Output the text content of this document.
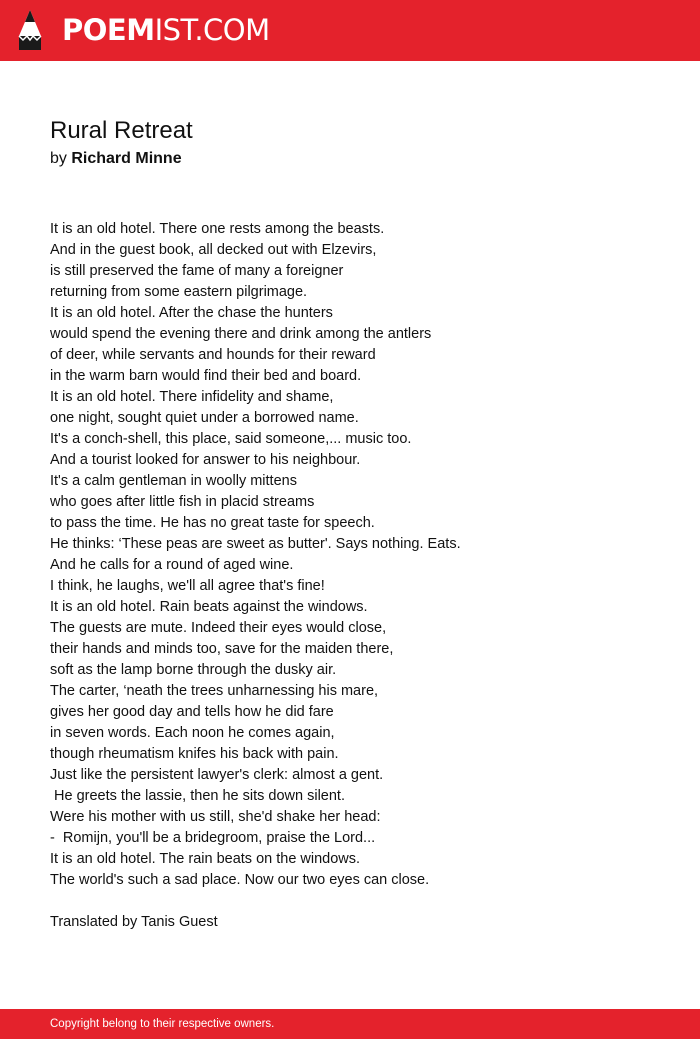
POEMIST.COM
Rural Retreat
by Richard Minne
It is an old hotel. There one rests among the beasts.
And in the guest book, all decked out with Elzevirs,
is still preserved the fame of many a foreigner
returning from some eastern pilgrimage.
It is an old hotel. After the chase the hunters
would spend the evening there and drink among the antlers
of deer, while servants and hounds for their reward
in the warm barn would find their bed and board.
It is an old hotel. There infidelity and shame,
one night, sought quiet under a borrowed name.
It's a conch-shell, this place, said someone,... music too.
And a tourist looked for answer to his neighbour.
It's a calm gentleman in woolly mittens
who goes after little fish in placid streams
to pass the time. He has no great taste for speech.
He thinks: ‘These peas are sweet as butter'. Says nothing. Eats.
And he calls for a round of aged wine.
I think, he laughs, we'll all agree that's fine!
It is an old hotel. Rain beats against the windows.
The guests are mute. Indeed their eyes would close,
their hands and minds too, save for the maiden there,
soft as the lamp borne through the dusky air.
The carter, ‘neath the trees unharnessing his mare,
gives her good day and tells how he did fare
in seven words. Each noon he comes again,
though rheumatism knifes his back with pain.
Just like the persistent lawyer's clerk: almost a gent.
He greets the lassie, then he sits down silent.
Were his mother with us still, she'd shake her head:
-  Romijn, you'll be a bridegroom, praise the Lord...
It is an old hotel. The rain beats on the windows.
The world's such a sad place. Now our two eyes can close.
Translated by Tanis Guest
Copyright belong to their respective owners.
